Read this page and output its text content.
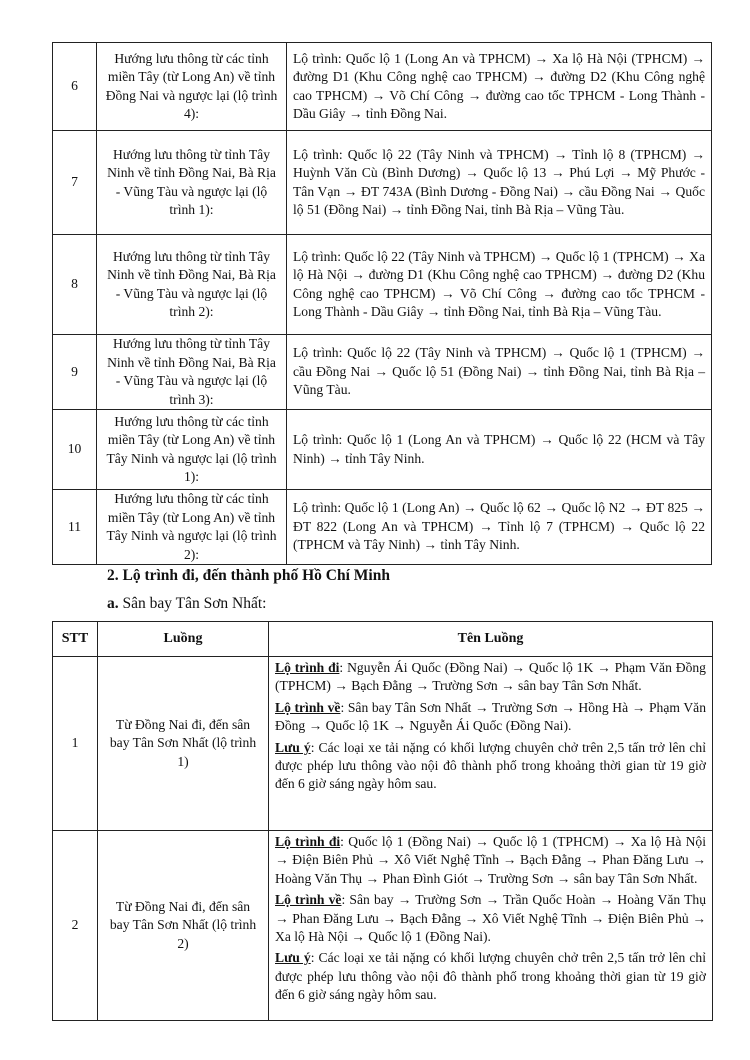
6	Hướng lưu thông từ các tỉnh miền Tây (từ Long An) về tỉnh Đồng Nai và ngược lại (lộ trình 4):	Lộ trình: Quốc lộ 1 (Long An và TPHCM) → Xa lộ Hà Nội (TPHCM) → đường D1 (Khu Công nghệ cao TPHCM) → đường D2 (Khu Công nghệ cao TPHCM) → Võ Chí Công → đường cao tốc TPHCM - Long Thành - Dầu Giây → tỉnh Đồng Nai.
7	Hướng lưu thông từ tỉnh Tây Ninh về tỉnh Đồng Nai, Bà Rịa - Vũng Tàu và ngược lại (lộ trình 1):	Lộ trình: Quốc lộ 22 (Tây Ninh và TPHCM) → Tỉnh lộ 8 (TPHCM) → Huỳnh Văn Cù (Bình Dương) → Quốc lộ 13 → Phú Lợi → Mỹ Phước - Tân Vạn → ĐT 743A (Bình Dương - Đồng Nai) → cầu Đồng Nai → Quốc lộ 51 (Đồng Nai) → tỉnh Đồng Nai, tỉnh Bà Rịa – Vũng Tàu.
8	Hướng lưu thông từ tỉnh Tây Ninh về tỉnh Đồng Nai, Bà Rịa - Vũng Tàu và ngược lại (lộ trình 2):	Lộ trình: Quốc lộ 22 (Tây Ninh và TPHCM) → Quốc lộ 1 (TPHCM) → Xa lộ Hà Nội → đường D1 (Khu Công nghệ cao TPHCM) → đường D2 (Khu Công nghệ cao TPHCM) → Võ Chí Công → đường cao tốc TPHCM - Long Thành - Dầu Giây → tỉnh Đồng Nai, tỉnh Bà Rịa – Vũng Tàu.
9	Hướng lưu thông từ tỉnh Tây Ninh về tỉnh Đồng Nai, Bà Rịa - Vũng Tàu và ngược lại (lộ trình 3):	Lộ trình: Quốc lộ 22 (Tây Ninh và TPHCM) → Quốc lộ 1 (TPHCM) → cầu Đồng Nai → Quốc lộ 51 (Đồng Nai) → tỉnh Đồng Nai, tỉnh Bà Rịa – Vũng Tàu.
10	Hướng lưu thông từ các tỉnh miền Tây (từ Long An) về tỉnh Tây Ninh và ngược lại (lộ trình 1):	Lộ trình: Quốc lộ 1 (Long An và TPHCM) → Quốc lộ 22 (HCM và Tây Ninh) → tỉnh Tây Ninh.
11	Hướng lưu thông từ các tỉnh miền Tây (từ Long An) về tỉnh Tây Ninh và ngược lại (lộ trình 2):	Lộ trình: Quốc lộ 1 (Long An) → Quốc lộ 62 → Quốc lộ N2 → ĐT 825 → ĐT 822 (Long An và TPHCM) → Tỉnh lộ 7 (TPHCM) → Quốc lộ 22 (TPHCM và Tây Ninh) → tỉnh Tây Ninh.

2. Lộ trình đi, đến thành phố Hồ Chí Minh

a. Sân bay Tân Sơn Nhất:

STT	Luồng	Tên Luồng
1	Từ Đồng Nai đi, đến sân bay Tân Sơn Nhất (lộ trình 1)	Lộ trình đi: Nguyễn Ái Quốc (Đồng Nai) → Quốc lộ 1K → Phạm Văn Đồng (TPHCM) → Bạch Đằng → Trường Sơn → sân bay Tân Sơn Nhất.

Lộ trình về: Sân bay Tân Sơn Nhất → Trường Sơn → Hồng Hà → Phạm Văn Đồng → Quốc lộ 1K → Nguyễn Ái Quốc (Đồng Nai).

Lưu ý: Các loại xe tải nặng có khối lượng chuyên chở trên 2,5 tấn trở lên chỉ được phép lưu thông vào nội đô thành phố trong khoảng thời gian từ 19 giờ đến 6 giờ sáng ngày hôm sau.

2	Từ Đồng Nai đi, đến sân bay Tân Sơn Nhất (lộ trình 2)	Lộ trình đi: Quốc lộ 1 (Đồng Nai) → Quốc lộ 1 (TPHCM) → Xa lộ Hà Nội → Điện Biên Phủ → Xô Viết Nghệ Tĩnh → Bạch Đằng → Phan Đăng Lưu → Hoàng Văn Thụ → Phan Đình Giót → Trường Sơn → sân bay Tân Sơn Nhất.

Lộ trình về: Sân bay → Trường Sơn → Trần Quốc Hoàn → Hoàng Văn Thụ → Phan Đăng Lưu → Bạch Đằng → Xô Viết Nghệ Tĩnh → Điện Biên Phủ → Xa lộ Hà Nội → Quốc lộ 1 (Đồng Nai).

Lưu ý: Các loại xe tải nặng có khối lượng chuyên chở trên 2,5 tấn trở lên chỉ được phép lưu thông vào nội đô thành phố trong khoảng thời gian từ 19 giờ đến 6 giờ sáng ngày hôm sau.
